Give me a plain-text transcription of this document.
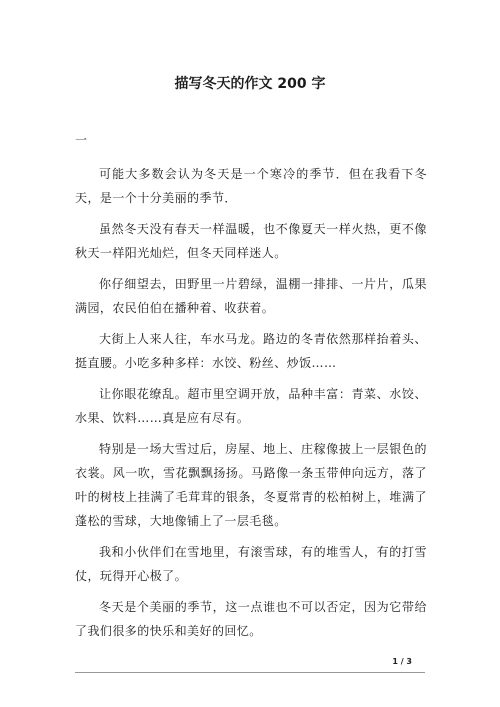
描写冬天的作文 200 字
一

可能大多数会认为冬天是一个寒冷的季节．但在我看下冬天，是一个十分美丽的季节．

虽然冬天没有春天一样温暖，也不像夏天一样火热，更不像秋天一样阳光灿烂，但冬天同样迷人。

你仔细望去，田野里一片碧绿，温棚一排排、一片片，瓜果满园，农民伯伯在播种着、收获着。

大街上人来人往，车水马龙。路边的冬青依然那样抬着头、挺直腰。小吃多种多样：水饺、粉丝、炒饭……

让你眼花缭乱。超市里空调开放，品种丰富：青菜、水饺、水果、饮料……真是应有尽有。

特别是一场大雪过后，房屋、地上、庄稼像披上一层银色的衣裳。风一吹，雪花飘飘扬扬。马路像一条玉带伸向远方，落了叶的树枝上挂满了毛茸茸的银条，冬夏常青的松柏树上，堆满了蓬松的雪球，大地像铺上了一层毛毯。

我和小伙伴们在雪地里，有滚雪球，有的堆雪人，有的打雪仗，玩得开心极了。

冬天是个美丽的季节，这一点谁也不可以否定，因为它带给了我们很多的快乐和美好的回忆。

1 / 3
